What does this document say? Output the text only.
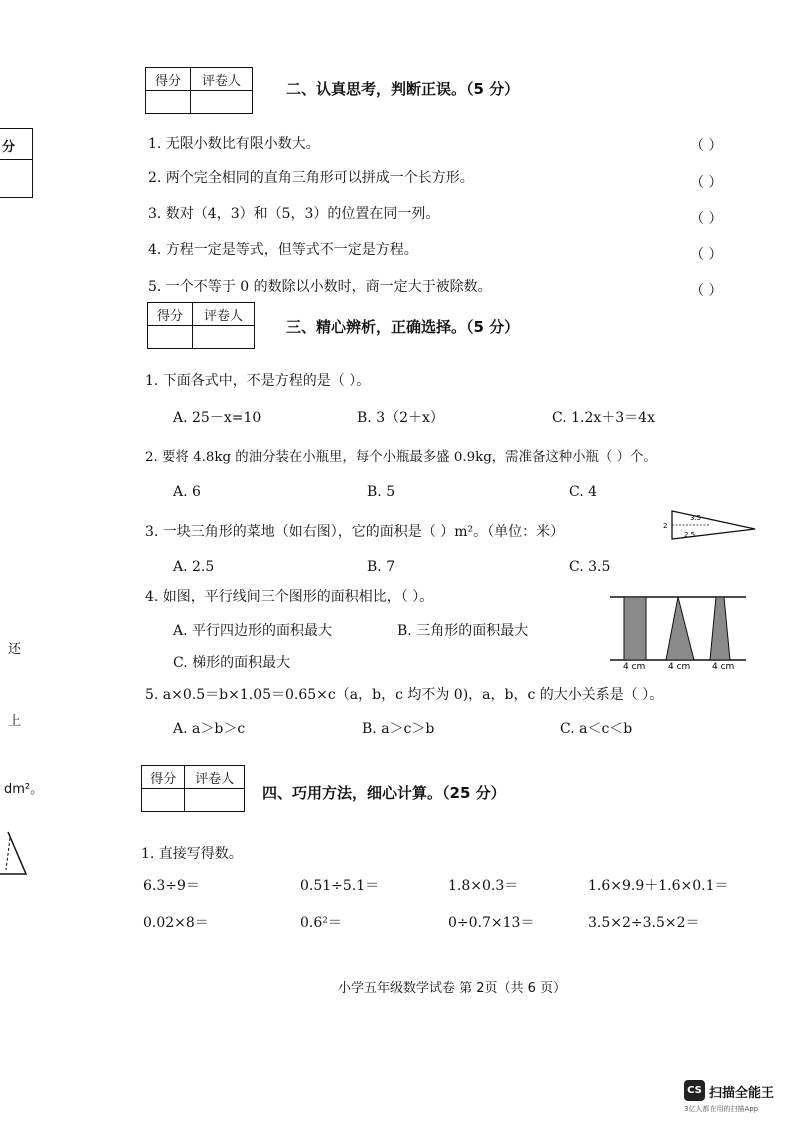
分
还
上
dm²。
得分	评卷人
		二、认真思考，判断正误。（5 分）
1. 无限小数比有限小数大。	（ ）
2. 两个完全相同的直角三角形可以拼成一个长方形。	（ ）
3. 数对（4，3）和（5，3）的位置在同一列。	（ ）
4. 方程一定是等式，但等式不一定是方程。	（ ）
5. 一个不等于 0 的数除以小数时，商一定大于被除数。	（ ）
得分	评卷人

三、精心辨析，正确选择。（5 分）
1. 下面各式中，不是方程的是（ ）。
A. 25－x=10	B. 3（2＋x）	C. 1.2x＋3＝4x
2. 要将 4.8kg 的油分装在小瓶里，每个小瓶最多盛 0.9kg，需准备这种小瓶（ ）个。
A. 6	B. 5	C. 4
3. 一块三角形的菜地（如右图），它的面积是（ ）m²。（单位：米）
3.5
2
2.5
A. 2.5	B. 7	C. 3.5
4. 如图，平行线间三个图形的面积相比，（ ）。
4 cm	4 cm 4 cm
A. 平行四边形的面积最大	B. 三角形的面积最大
C. 梯形的面积最大
5. a×0.5＝b×1.05＝0.65×c（a，b，c 均不为 0)，a，b，c 的大小关系是（ ）。
A. a＞b＞c	B. a＞c＞b	C. a＜c＜b
得分	评卷人

四、巧用方法，细心计算。（25 分）
1. 直接写得数。
6.3÷9＝	0.51÷5.1＝	1.8×0.3＝	1.6×9.9＋1.6×0.1＝
0.02×8＝	0.6²＝	0÷0.7×13＝	3.5×2÷3.5×2＝
小学五年级数学试卷 第 2页（共 6 页）
CS 扫描全能王
3亿人都在用的扫描App
